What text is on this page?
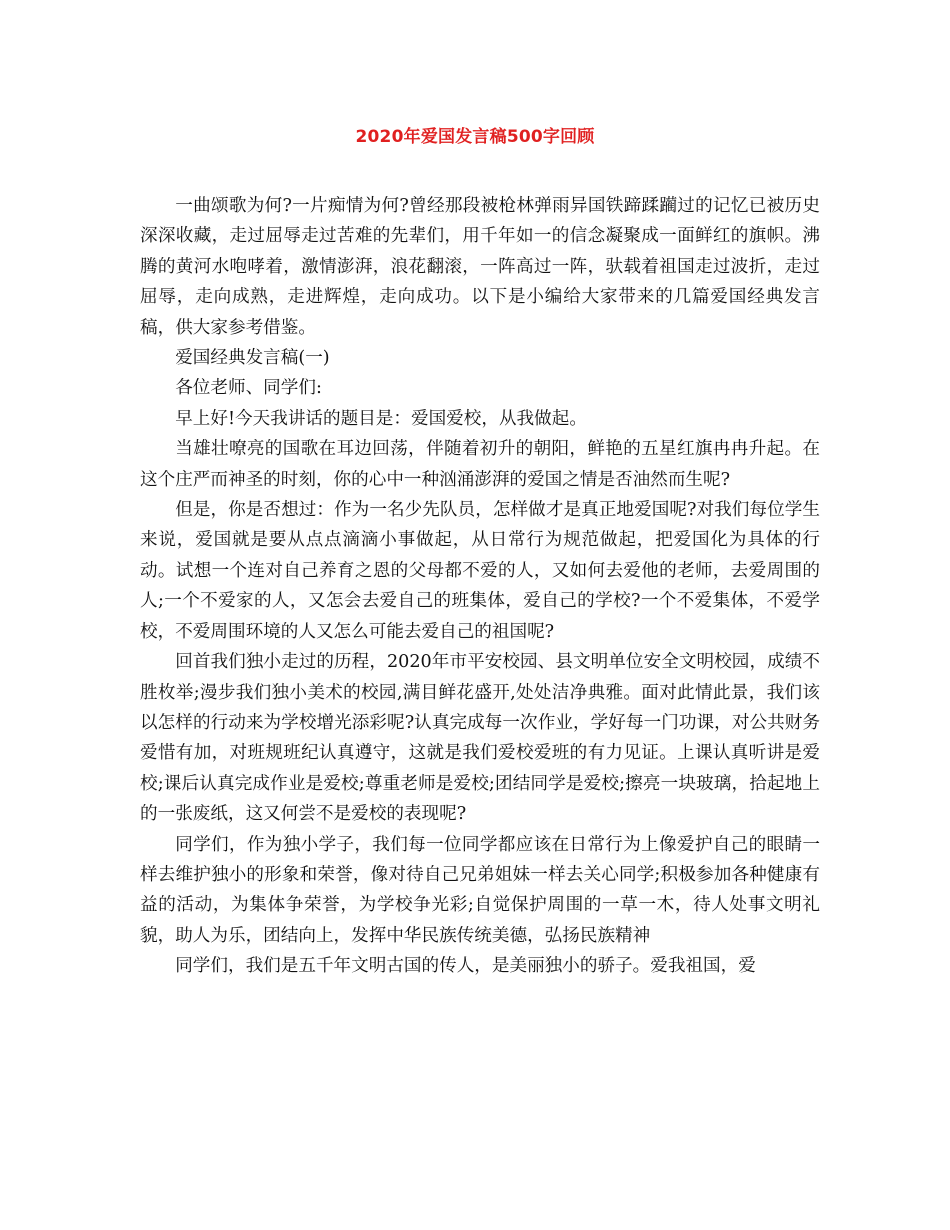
2020年爱国发言稿500字回顾

一曲颂歌为何?一片痴情为何?曾经那段被枪林弹雨异国铁蹄蹂躏过的记忆已被历史深深收藏，走过屈辱走过苦难的先辈们，用千年如一的信念凝聚成一面鲜红的旗帜。沸腾的黄河水咆哮着，激情澎湃，浪花翻滚，一阵高过一阵，驮载着祖国走过波折，走过屈辱，走向成熟，走进辉煌，走向成功。以下是小编给大家带来的几篇爱国经典发言稿，供大家参考借鉴。

爱国经典发言稿(一)

各位老师、同学们:

早上好!今天我讲话的题目是：爱国爱校，从我做起。

当雄壮嘹亮的国歌在耳边回荡，伴随着初升的朝阳，鲜艳的五星红旗冉冉升起。在这个庄严而神圣的时刻，你的心中一种汹涌澎湃的爱国之情是否油然而生呢?

但是，你是否想过：作为一名少先队员，怎样做才是真正地爱国呢?对我们每位学生来说，爱国就是要从点点滴滴小事做起，从日常行为规范做起，把爱国化为具体的行动。试想一个连对自己养育之恩的父母都不爱的人，又如何去爱他的老师，去爱周围的人;一个不爱家的人，又怎会去爱自己的班集体，爱自己的学校?一个不爱集体，不爱学校，不爱周围环境的人又怎么可能去爱自己的祖国呢?

回首我们独小走过的历程，2020年市平安校园、县文明单位安全文明校园，成绩不胜枚举;漫步我们独小美术的校园,满目鲜花盛开,处处洁净典雅。面对此情此景，我们该以怎样的行动来为学校增光添彩呢?认真完成每一次作业，学好每一门功课，对公共财务爱惜有加，对班规班纪认真遵守，这就是我们爱校爱班的有力见证。上课认真听讲是爱校;课后认真完成作业是爱校;尊重老师是爱校;团结同学是爱校;擦亮一块玻璃，拾起地上的一张废纸，这又何尝不是爱校的表现呢?

同学们，作为独小学子，我们每一位同学都应该在日常行为上像爱护自己的眼睛一样去维护独小的形象和荣誉，像对待自己兄弟姐妹一样去关心同学;积极参加各种健康有益的活动，为集体争荣誉，为学校争光彩;自觉保护周围的一草一木，待人处事文明礼貌，助人为乐，团结向上，发挥中华民族传统美德，弘扬民族精神

同学们，我们是五千年文明古国的传人，是美丽独小的骄子。爱我祖国，爱
